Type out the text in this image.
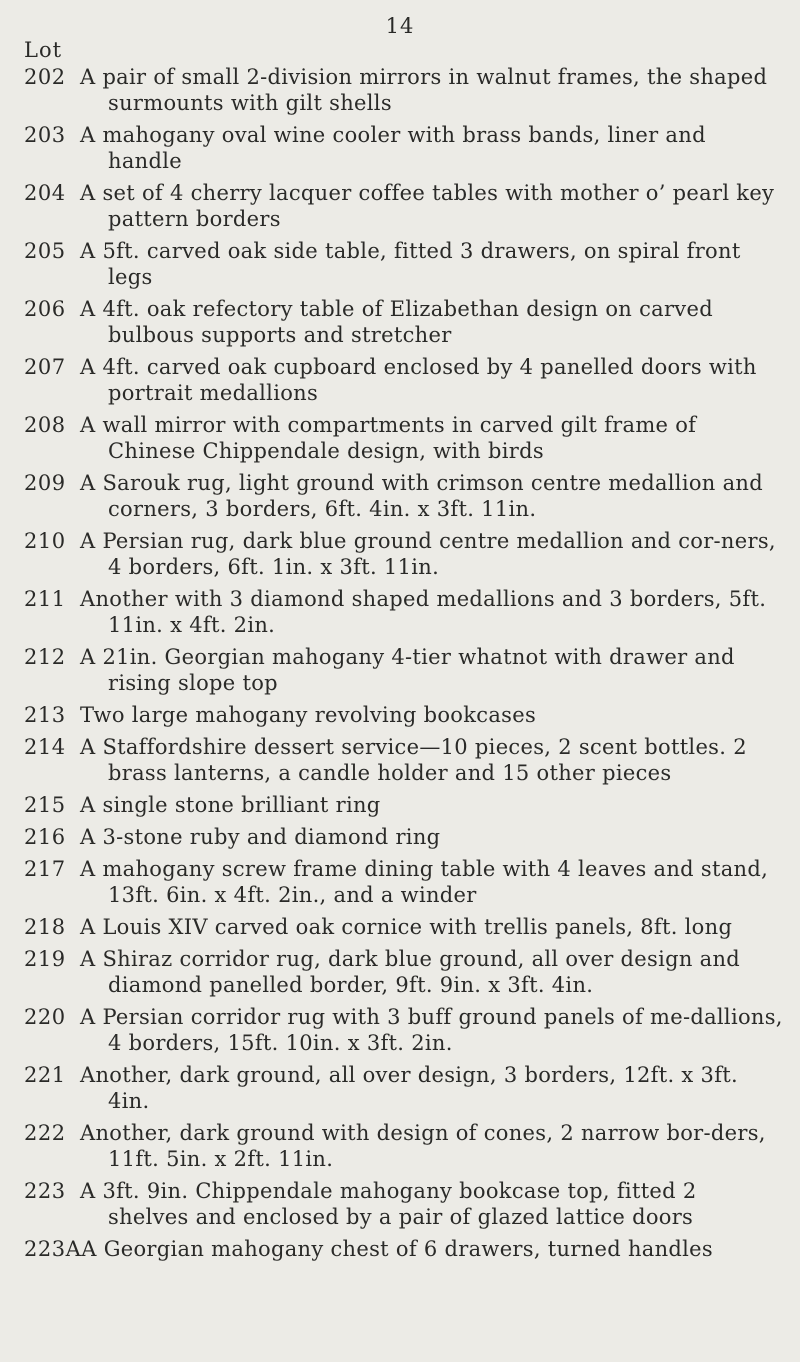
14
Lot
202 A pair of small 2-division mirrors in walnut frames, the shaped surmounts with gilt shells
203 A mahogany oval wine cooler with brass bands, liner and handle
204 A set of 4 cherry lacquer coffee tables with mother o’ pearl key pattern borders
205 A 5ft. carved oak side table, fitted 3 drawers, on spiral front legs
206 A 4ft. oak refectory table of Elizabethan design on carved bulbous supports and stretcher
207 A 4ft. carved oak cupboard enclosed by 4 panelled doors with portrait medallions
208 A wall mirror with compartments in carved gilt frame of Chinese Chippendale design, with birds
209 A Sarouk rug, light ground with crimson centre medallion and corners, 3 borders, 6ft. 4in. x 3ft. 11in.
210 A Persian rug, dark blue ground centre medallion and cor-ners, 4 borders, 6ft. 1in. x 3ft. 11in.
211 Another with 3 diamond shaped medallions and 3 borders, 5ft. 11in. x 4ft. 2in.
212 A 21in. Georgian mahogany 4-tier whatnot with drawer and rising slope top
213 Two large mahogany revolving bookcases
214 A Staffordshire dessert service—10 pieces, 2 scent bottles. 2 brass lanterns, a candle holder and 15 other pieces
215 A single stone brilliant ring
216 A 3-stone ruby and diamond ring
217 A mahogany screw frame dining table with 4 leaves and stand, 13ft. 6in. x 4ft. 2in., and a winder
218 A Louis XIV carved oak cornice with trellis panels, 8ft. long
219 A Shiraz corridor rug, dark blue ground, all over design and diamond panelled border, 9ft. 9in. x 3ft. 4in.
220 A Persian corridor rug with 3 buff ground panels of me-dallions, 4 borders, 15ft. 10in. x 3ft. 2in.
221 Another, dark ground, all over design, 3 borders, 12ft. x 3ft. 4in.
222 Another, dark ground with design of cones, 2 narrow bor-ders, 11ft. 5in. x 2ft. 11in.
223 A 3ft. 9in. Chippendale mahogany bookcase top, fitted 2 shelves and enclosed by a pair of glazed lattice doors
223A A Georgian mahogany chest of 6 drawers, turned handles
